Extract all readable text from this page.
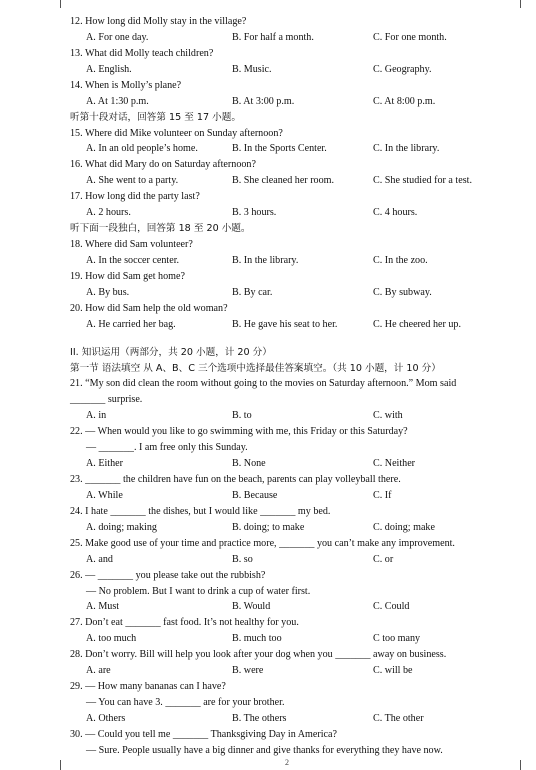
2
12. How long did Molly stay in the village?
A. For one day.	B. For half a month.	C. For one month.
13. What did Molly teach children?
A. English.	B. Music.	C. Geography.
14. When is Molly’s plane?
A. At 1:30 p.m.	B. At 3:00 p.m.	C. At 8:00 p.m.
听第十段对话，回答第 15 至 17 小题。
15. Where did Mike volunteer on Sunday afternoon?
A. In an old people’s home.	B. In the Sports Center.	C. In the library.
16. What did Mary do on Saturday afternoon?
A. She went to a party.	B. She cleaned her room.	C. She studied for a test.
17. How long did the party last?
A. 2 hours.	B. 3 hours.	C. 4 hours.
听下面一段独白，回答第 18 至 20 小题。
18. Where did Sam volunteer?
A. In the soccer center.	B. In the library.	C. In the zoo.
19. How did Sam get home?
A. By bus.	B. By car.	C. By subway.
20. How did Sam help the old woman?
A. He carried her bag.	B. He gave his seat to her.	C. He cheered her up.
II. 知识运用（两部分，共 20 小题，计 20 分）
第一节 语法填空 从 A、B、C 三个选项中选择最佳答案填空。（共 10 小题，计 10 分）
21. “My son did clean the room without going to the movies on Saturday afternoon.” Mom said
_______ surprise.
A. in	B. to	C. with
22. — When would you like to go swimming with me, this Friday or this Saturday?
— _______. I am free only this Sunday.
A. Either	B. None	C. Neither
23. _______ the children have fun on the beach, parents can play volleyball there.
A. While	B. Because	C. If
24. I hate _______ the dishes, but I would like _______ my bed.
A. doing; making	B. doing; to make	C. doing; make
25. Make good use of your time and practice more, _______ you can’t make any improvement.
A. and	B. so	C. or
26. — _______ you please take out the rubbish?
— No problem. But I want to drink a cup of water first.
A. Must	B. Would	C. Could
27. Don’t eat _______ fast food. It’s not healthy for you.
A. too much	B. much too	C too many
28. Don’t worry. Bill will help you look after your dog when you _______ away on business.
A. are	B. were	C. will be
29. — How many bananas can I have?
— You can have 3. _______ are for your brother.
A. Others	B. The others	C. The other
30. — Could you tell me _______ Thanksgiving Day in America?
— Sure. People usually have a big dinner and give thanks for everything they have now.
